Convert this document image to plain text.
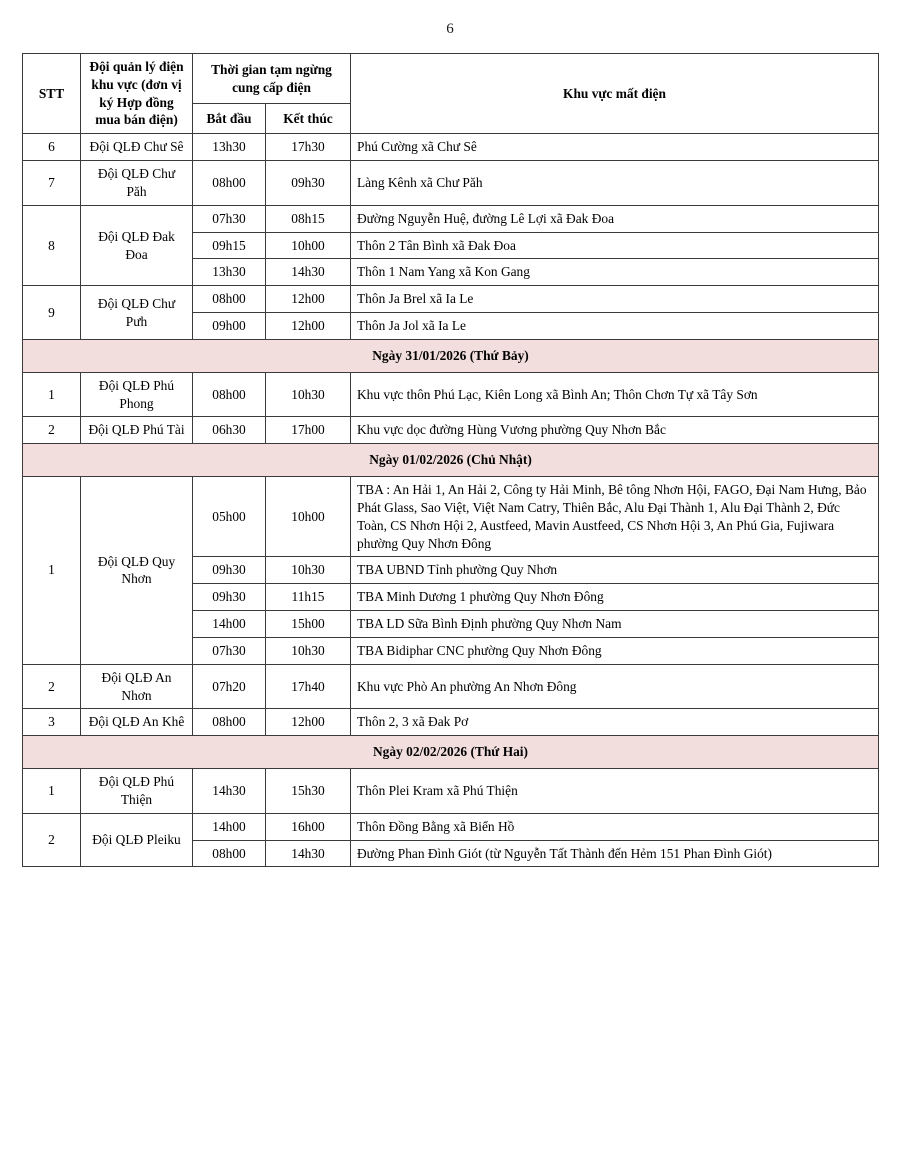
6
STT	Đội quản lý điện khu vực (đơn vị ký Hợp đồng mua bán điện)	Thời gian tạm ngừng cung cấp điện		Khu vực mất điện
		Bắt đầu	Kết thúc	
6	Đội QLĐ Chư Sê	13h30	17h30	Phú Cường xã Chư Sê
7	Đội QLĐ Chư Păh	08h00	09h30	Làng Kênh xã Chư Păh
8	Đội QLĐ Đak Đoa	07h30	08h15	Đường Nguyễn Huệ, đường Lê Lợi xã Đak Đoa
		09h15	10h00	Thôn 2 Tân Bình xã Đak Đoa
		13h30	14h30	Thôn 1 Nam Yang xã Kon Gang
9	Đội QLĐ Chư Pưh	08h00	12h00	Thôn Ja Brel xã Ia Le
		09h00	12h00	Thôn Ja Jol xã Ia Le
Ngày 31/01/2026 (Thứ Bảy)				
1	Đội QLĐ Phú Phong	08h00	10h30	Khu vực thôn Phú Lạc, Kiên Long xã Bình An; Thôn Chơn Tự xã Tây Sơn
2	Đội QLĐ Phú Tài	06h30	17h00	Khu vực dọc đường Hùng Vương phường Quy Nhơn Bắc
Ngày 01/02/2026 (Chủ Nhật)				
1	Đội QLĐ Quy Nhơn	05h00	10h00	TBA : An Hải 1, An Hải 2, Công ty Hải Minh, Bê tông Nhơn Hội, FAGO, Đại Nam Hưng, Bảo Phát Glass, Sao Việt, Việt Nam Catry, Thiên Bắc, Alu Đại Thành 1, Alu Đại Thành 2, Đức Toàn, CS Nhơn Hội 2, Austfeed, Mavin Austfeed, CS Nhơn Hội 3, An Phú Gia, Fujiwara phường Quy Nhơn Đông
		09h30	10h30	TBA UBND Tỉnh phường Quy Nhơn
		09h30	11h15	TBA Minh Dương 1 phường Quy Nhơn Đông
		14h00	15h00	TBA LD Sữa Bình Định phường Quy Nhơn Nam
		07h30	10h30	TBA Bidiphar CNC phường Quy Nhơn Đông
2	Đội QLĐ An Nhơn	07h20	17h40	Khu vực Phò An phường An Nhơn Đông
3	Đội QLĐ An Khê	08h00	12h00	Thôn 2, 3 xã Đak Pơ
Ngày 02/02/2026 (Thứ Hai)				
1	Đội QLĐ Phú Thiện	14h30	15h30	Thôn Plei Kram xã Phú Thiện
2	Đội QLĐ Pleiku	14h00	16h00	Thôn Đồng Bằng xã Biển Hồ
		08h00	14h30	Đường Phan Đình Giót (từ Nguyễn Tất Thành đến Hẻm 151 Phan Đình Giót)
